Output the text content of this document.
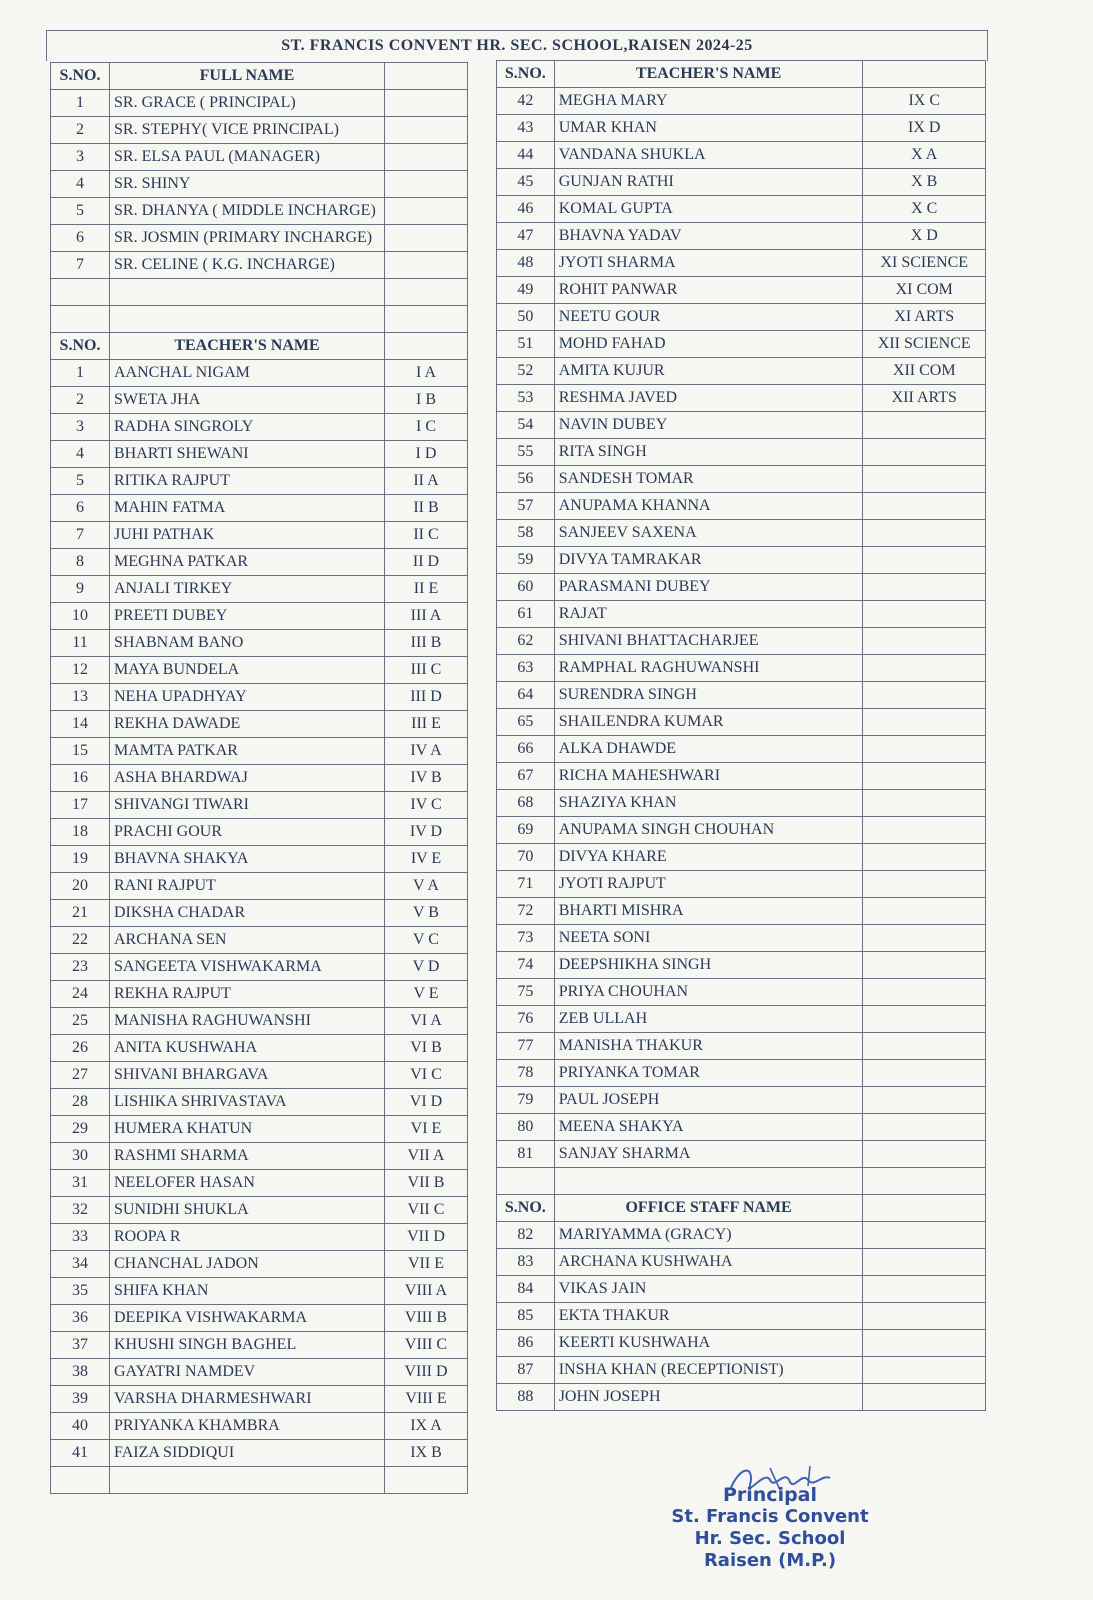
ST. FRANCIS CONVENT HR. SEC. SCHOOL,RAISEN 2024-25
S.NO.	FULL NAME	
1	SR. GRACE ( PRINCIPAL)	
2	SR. STEPHY( VICE PRINCIPAL)	
3	SR. ELSA PAUL (MANAGER)	
4	SR. SHINY	
5	SR. DHANYA ( MIDDLE INCHARGE)	
6	SR. JOSMIN (PRIMARY INCHARGE)	
7	SR. CELINE ( K.G. INCHARGE)	

S.NO.	TEACHER'S NAME	
1	AANCHAL NIGAM	I A
2	SWETA JHA	I B
3	RADHA SINGROLY	I C
4	BHARTI SHEWANI	I D
5	RITIKA RAJPUT	II A
6	MAHIN FATMA	II B
7	JUHI PATHAK	II C
8	MEGHNA PATKAR	II D
9	ANJALI TIRKEY	II E
10	PREETI DUBEY	III A
11	SHABNAM BANO	III B
12	MAYA BUNDELA	III C
13	NEHA UPADHYAY	III D
14	REKHA DAWADE	III E
15	MAMTA PATKAR	IV A
16	ASHA BHARDWAJ	IV B
17	SHIVANGI TIWARI	IV C
18	PRACHI GOUR	IV D
19	BHAVNA SHAKYA	IV E
20	RANI RAJPUT	V A
21	DIKSHA CHADAR	V B
22	ARCHANA SEN	V C
23	SANGEETA VISHWAKARMA	V D
24	REKHA RAJPUT	V E
25	MANISHA RAGHUWANSHI	VI A
26	ANITA KUSHWAHA	VI B
27	SHIVANI BHARGAVA	VI C
28	LISHIKA SHRIVASTAVA	VI D
29	HUMERA KHATUN	VI E
30	RASHMI SHARMA	VII A
31	NEELOFER HASAN	VII B
32	SUNIDHI SHUKLA	VII C
33	ROOPA R	VII D
34	CHANCHAL JADON	VII E
35	SHIFA KHAN	VIII A
36	DEEPIKA VISHWAKARMA	VIII B
37	KHUSHI SINGH BAGHEL	VIII C
38	GAYATRI NAMDEV	VIII D
39	VARSHA DHARMESHWARI	VIII E
40	PRIYANKA KHAMBRA	IX A
41	FAIZA SIDDIQUI	IX B

S.NO.	TEACHER'S NAME	
42	MEGHA MARY	IX C
43	UMAR KHAN	IX D
44	VANDANA SHUKLA	X A
45	GUNJAN RATHI	X B
46	KOMAL GUPTA	X C
47	BHAVNA YADAV	X D
48	JYOTI SHARMA	XI SCIENCE
49	ROHIT PANWAR	XI COM
50	NEETU GOUR	XI ARTS
51	MOHD FAHAD	XII SCIENCE
52	AMITA KUJUR	XII COM
53	RESHMA JAVED	XII ARTS
54	NAVIN DUBEY	
55	RITA SINGH	
56	SANDESH TOMAR	
57	ANUPAMA KHANNA	
58	SANJEEV SAXENA	
59	DIVYA TAMRAKAR	
60	PARASMANI DUBEY	
61	RAJAT	
62	SHIVANI BHATTACHARJEE	
63	RAMPHAL RAGHUWANSHI	
64	SURENDRA SINGH	
65	SHAILENDRA KUMAR	
66	ALKA DHAWDE	
67	RICHA MAHESHWARI	
68	SHAZIYA KHAN	
69	ANUPAMA SINGH CHOUHAN	
70	DIVYA KHARE	
71	JYOTI RAJPUT	
72	BHARTI MISHRA	
73	NEETA SONI	
74	DEEPSHIKHA SINGH	
75	PRIYA CHOUHAN	
76	ZEB ULLAH	
77	MANISHA THAKUR	
78	PRIYANKA TOMAR	
79	PAUL JOSEPH	
80	MEENA SHAKYA	
81	SANJAY SHARMA	

S.NO.	OFFICE STAFF NAME	
82	MARIYAMMA (GRACY)	
83	ARCHANA KUSHWAHA	
84	VIKAS JAIN	
85	EKTA THAKUR	
86	KEERTI KUSHWAHA	
87	INSHA KHAN (RECEPTIONIST)	
88	JOHN JOSEPH	
Principal
St. Francis Convent
Hr. Sec. School
Raisen (M.P.)
